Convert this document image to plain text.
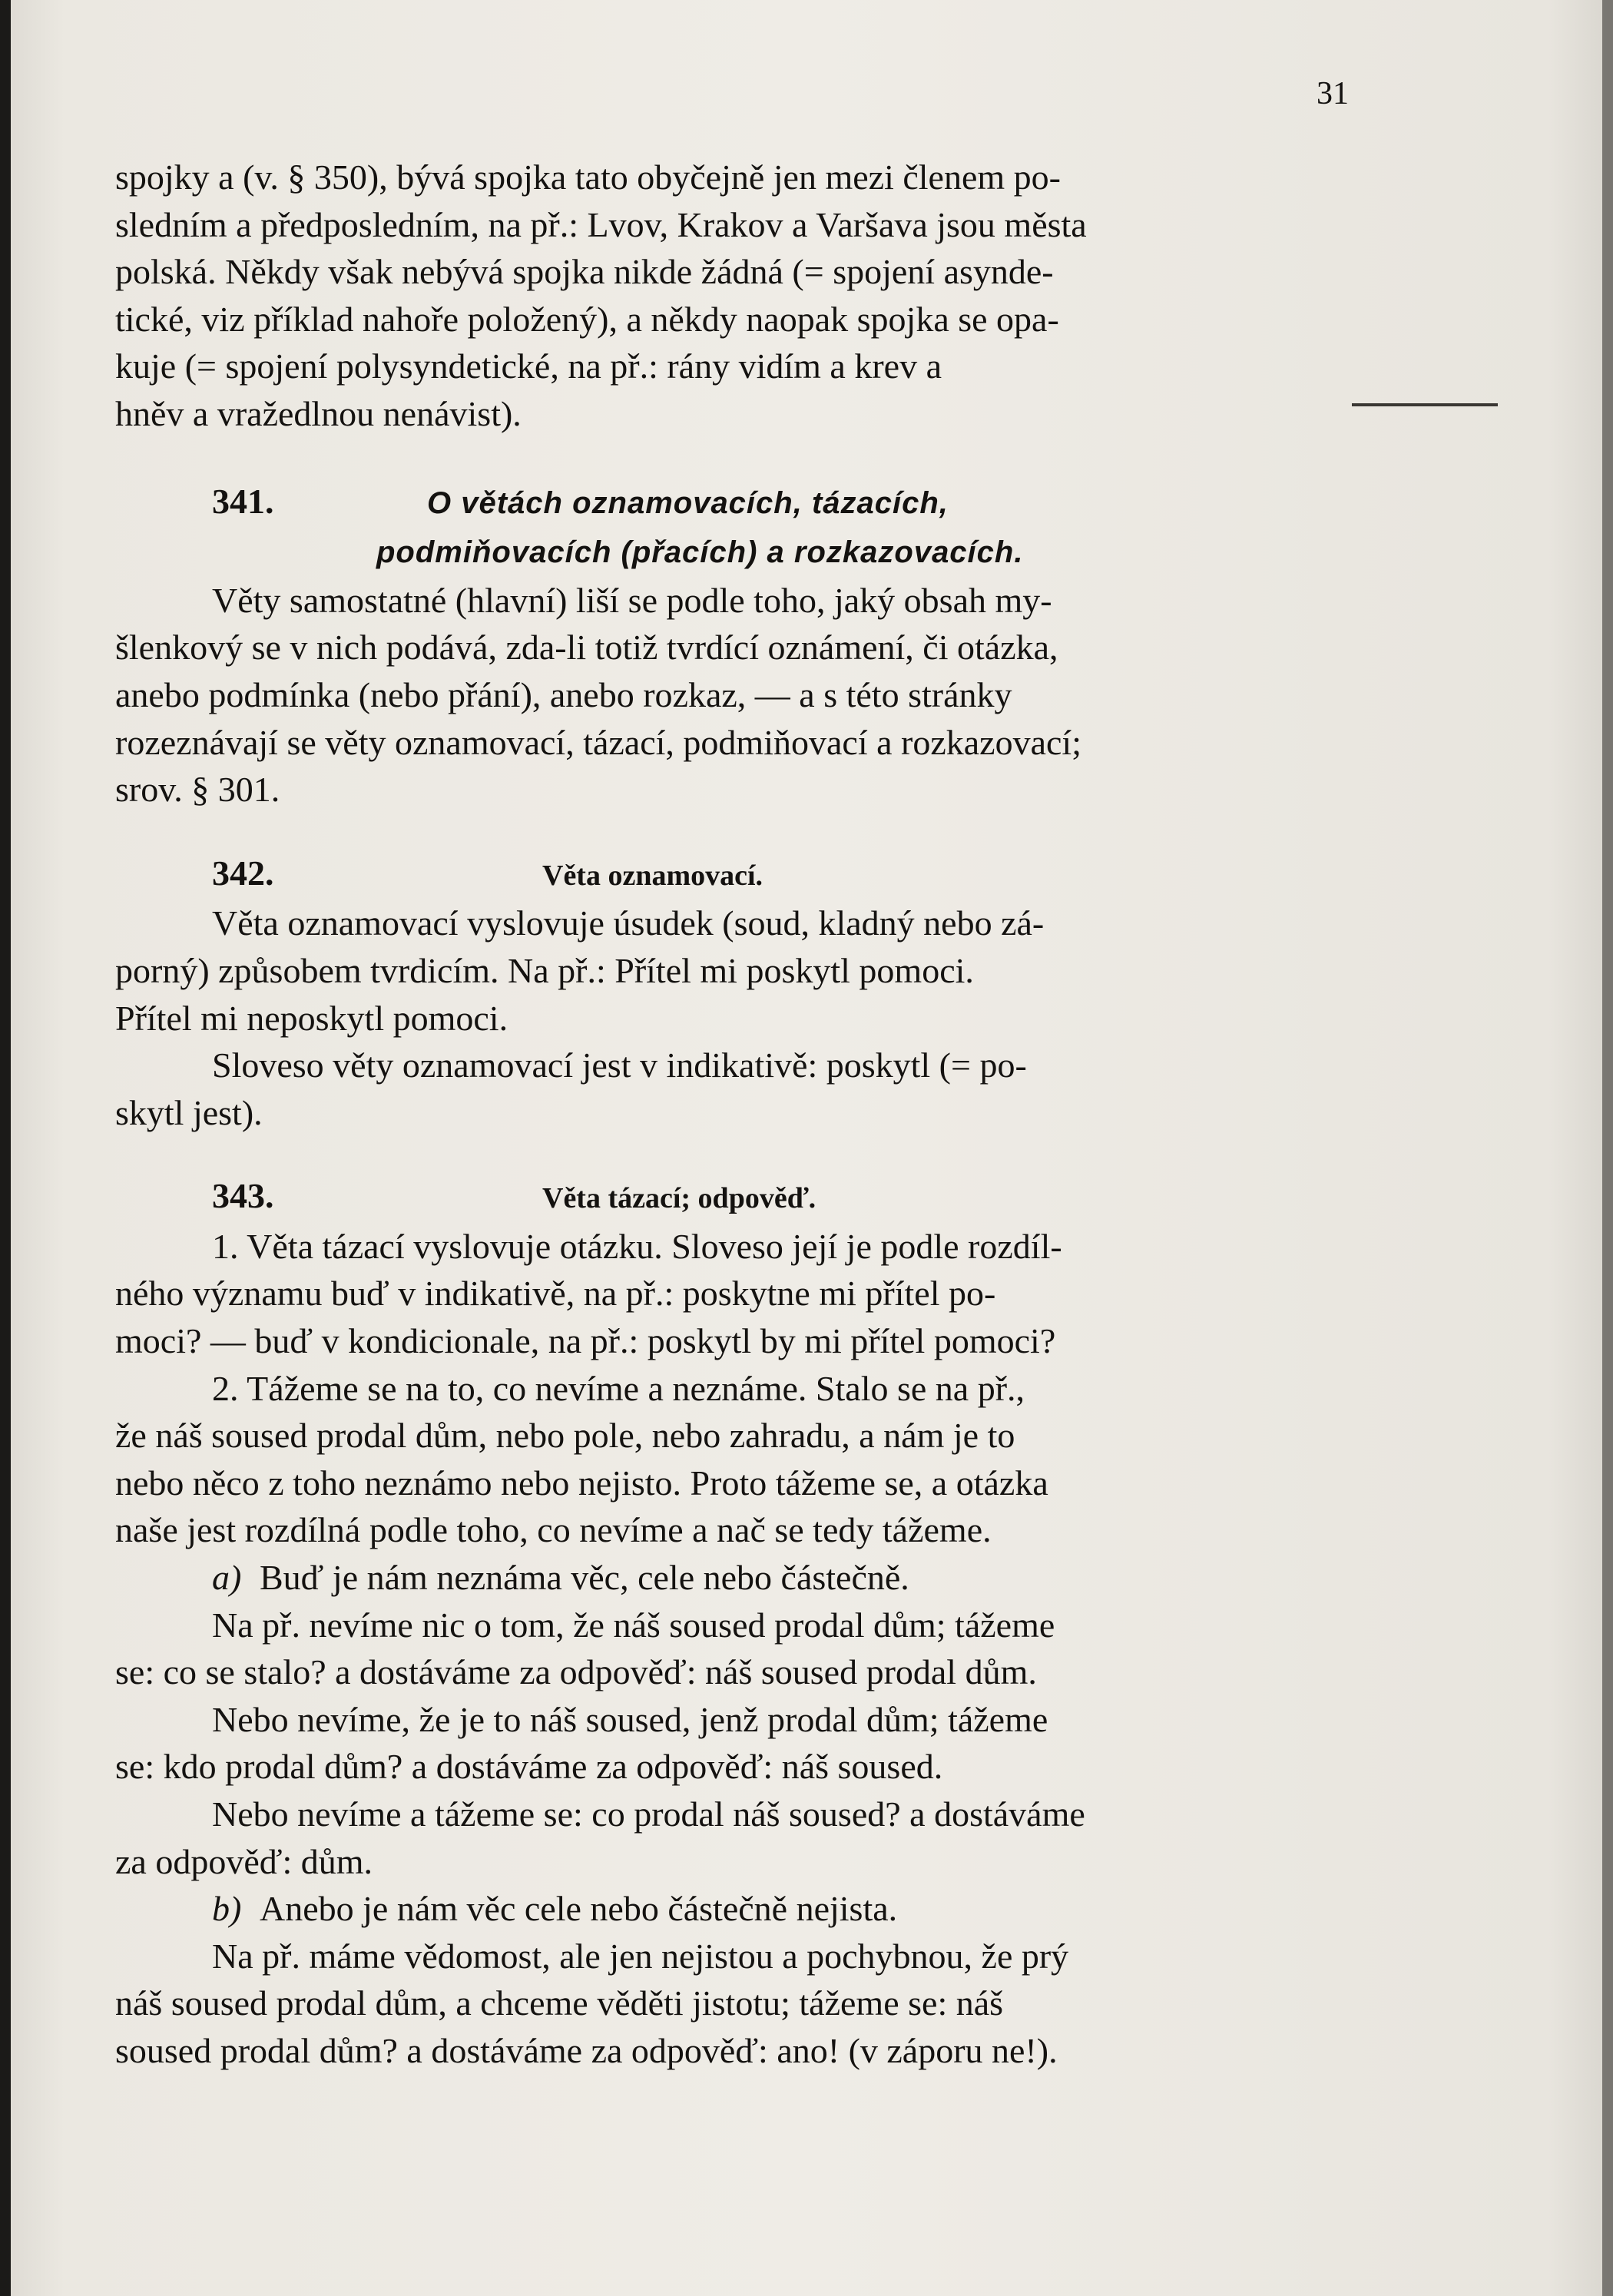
31

spojky a (v. § 350), bývá spojka tato obyčejně jen mezi členem po-

sledním a předposledním, na př.: Lvov, Krakov a Varšava jsou města

polská. Někdy však nebývá spojka nikde žádná (= spojení asynde-

tické, viz příklad nahoře položený), a někdy naopak spojka se opa-

kuje (= spojení polysyndetické, na př.: rány vidím a krev a

hněv a vražedlnou nenávist).

341.	O větách oznamovacích, tázacích,
podmiňovacích (přacích) a rozkazovacích.

Věty samostatné (hlavní) liší se podle toho, jaký obsah my-

šlenkový se v nich podává, zda-li totiž tvrdící oznámení, či otázka,

anebo podmínka (nebo přání), anebo rozkaz, — a s této stránky

rozeznávají se věty oznamovací, tázací, podmiňovací a rozkazovací;

srov. § 301.

342.	Věta oznamovací.

Věta oznamovací vyslovuje úsudek (soud, kladný nebo zá-

porný) způsobem tvrdicím. Na př.: Přítel mi poskytl pomoci.

Přítel mi neposkytl pomoci.

Sloveso věty oznamovací jest v indikativě: poskytl (= po-

skytl jest).

343.	Věta tázací; odpověď.

1. Věta tázací vyslovuje otázku. Sloveso její je podle rozdíl-

ného významu buď v indikativě, na př.: poskytne mi přítel po-

moci? — buď v kondicionale, na př.: poskytl by mi přítel pomoci?

2. Tážeme se na to, co nevíme a neznáme. Stalo se na př.,

že náš soused prodal dům, nebo pole, nebo zahradu, a nám je to

nebo něco z toho neznámo nebo nejisto. Proto tážeme se, a otázka

naše jest rozdílná podle toho, co nevíme a nač se tedy tážeme.

a) Buď je nám neznáma věc, cele nebo částečně.

Na př. nevíme nic o tom, že náš soused prodal dům; tážeme

se: co se stalo? a dostáváme za odpověď: náš soused prodal dům.

Nebo nevíme, že je to náš soused, jenž prodal dům; tážeme

se: kdo prodal dům? a dostáváme za odpověď: náš soused.

Nebo nevíme a tážeme se: co prodal náš soused? a dostáváme

za odpověď: dům.

b) Anebo je nám věc cele nebo částečně nejista.

Na př. máme vědomost, ale jen nejistou a pochybnou, že prý

náš soused prodal dům, a chceme věděti jistotu; tážeme se: náš

soused prodal dům? a dostáváme za odpověď: ano! (v záporu ne!).
